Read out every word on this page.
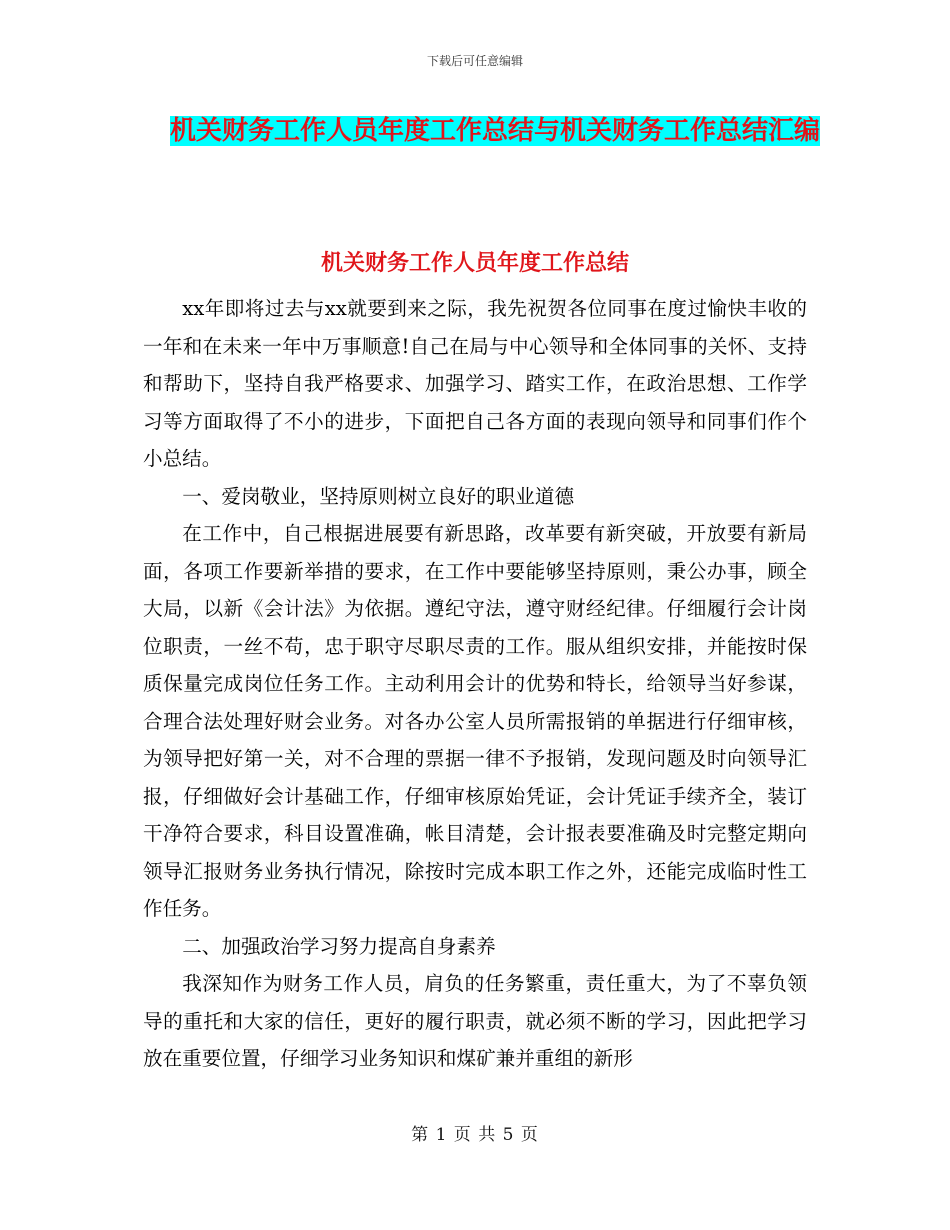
下载后可任意编辑
机关财务工作人员年度工作总结与机关财务工作总结汇编
机关财务工作人员年度工作总结

xx年即将过去与xx就要到来之际，我先祝贺各位同事在度过愉快丰收的一年和在未来一年中万事顺意!自己在局与中心领导和全体同事的关怀、支持和帮助下，坚持自我严格要求、加强学习、踏实工作，在政治思想、工作学习等方面取得了不小的进步，下面把自己各方面的表现向领导和同事们作个小总结。

一、爱岗敬业，坚持原则树立良好的职业道德

在工作中，自己根据进展要有新思路，改革要有新突破，开放要有新局面，各项工作要新举措的要求，在工作中要能够坚持原则，秉公办事，顾全大局，以新《会计法》为依据。遵纪守法，遵守财经纪律。仔细履行会计岗位职责，一丝不苟，忠于职守尽职尽责的工作。服从组织安排，并能按时保质保量完成岗位任务工作。主动利用会计的优势和特长，给领导当好参谋，合理合法处理好财会业务。对各办公室人员所需报销的单据进行仔细审核，为领导把好第一关，对不合理的票据一律不予报销，发现问题及时向领导汇报，仔细做好会计基础工作，仔细审核原始凭证，会计凭证手续齐全，装订干净符合要求，科目设置准确，帐目清楚，会计报表要准确及时完整定期向领导汇报财务业务执行情况，除按时完成本职工作之外，还能完成临时性工作任务。

二、加强政治学习努力提高自身素养

我深知作为财务工作人员，肩负的任务繁重，责任重大，为了不辜负领导的重托和大家的信任，更好的履行职责，就必须不断的学习，因此把学习放在重要位置，仔细学习业务知识和煤矿兼并重组的新形

第 1 页 共 5 页
